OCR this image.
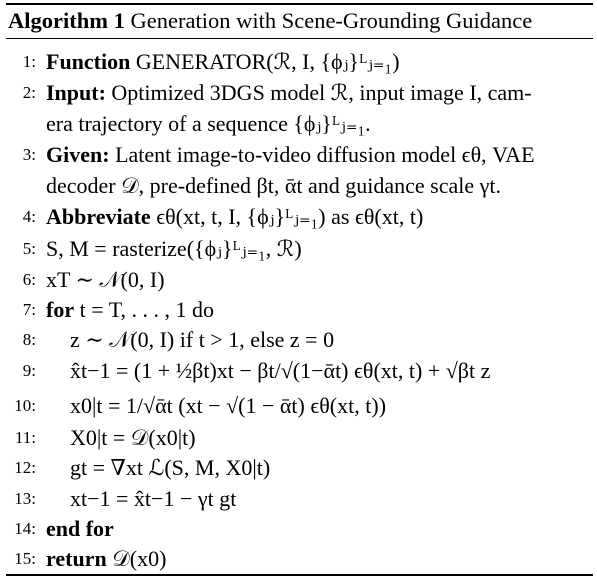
Algorithm 1 Generation with Scene-Grounding Guidance
1: Function GENERATOR(ℛ, I, {ϕⱼ}ᴸⱼ₌₁)
2: Input: Optimized 3DGS model ℛ, input image I, cam-
era trajectory of a sequence {ϕⱼ}ᴸⱼ₌₁.
3: Given: Latent image-to-video diffusion model ϵθ, VAE
decoder 𝒟, pre-defined βt, ᾱt and guidance scale γt.
4: Abbreviate ϵθ(xt, t, I, {ϕⱼ}ᴸⱼ₌₁) as ϵθ(xt, t)
5: S, M = rasterize({ϕⱼ}ᴸⱼ₌₁, ℛ)
6: xT ∼ 𝒩(0, I)
7: for t = T, . . . , 1 do
8: z ∼ 𝒩(0, I) if t > 1, else z = 0
9: x̂t−1 = (1 + ½βt)xt − βt/√(1−ᾱt) ϵθ(xt, t) + √βt z
10: x0|t = 1/√ᾱt (xt − √(1 − ᾱt) ϵθ(xt, t))
11: X0|t = 𝒟(x0|t)
12: gt = ∇xt ℒ(S, M, X0|t)
13: xt−1 = x̂t−1 − γt gt
14: end for
15: return 𝒟(x0)
